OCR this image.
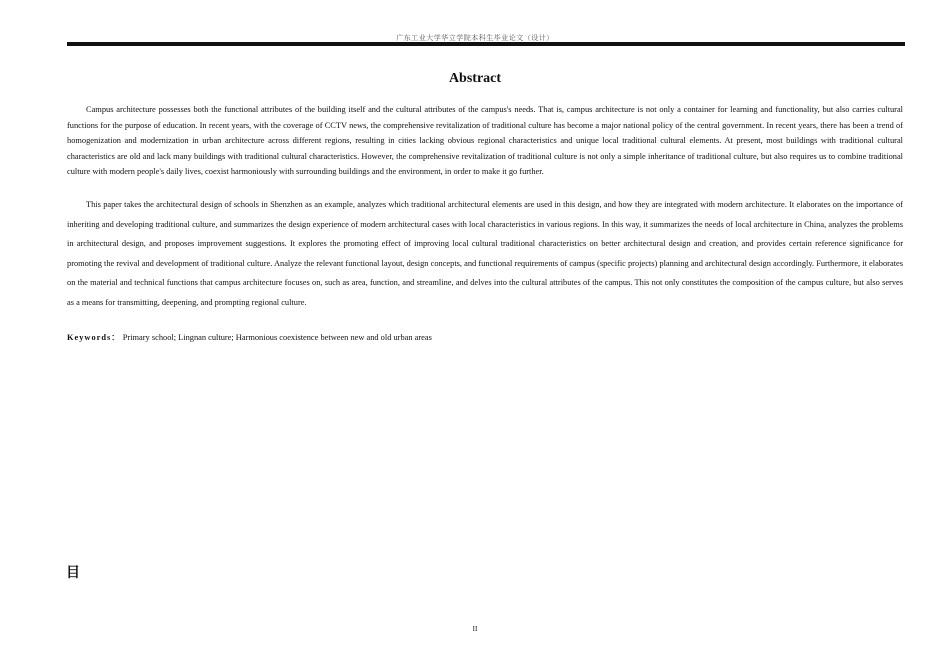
广东工业大学华立学院本科生毕业论文（设计）
Abstract

Campus architecture possesses both the functional attributes of the building itself and the cultural attributes of the campus's needs. That is, campus architecture is not only a container for learning and functionality, but also carries cultural functions for the purpose of education. In recent years, with the coverage of CCTV news, the comprehensive revitalization of traditional culture has become a major national policy of the central government. In recent years, there has been a trend of homogenization and modernization in urban architecture across different regions, resulting in cities lacking obvious regional characteristics and unique local traditional cultural elements. At present, most buildings with traditional cultural characteristics are old and lack many buildings with traditional cultural characteristics. However, the comprehensive revitalization of traditional culture is not only a simple inheritance of traditional culture, but also requires us to combine traditional culture with modern people's daily lives, coexist harmoniously with surrounding buildings and the environment, in order to make it go further.

This paper takes the architectural design of schools in Shenzhen as an example, analyzes which traditional architectural elements are used in this design, and how they are integrated with modern architecture. It elaborates on the importance of inheriting and developing traditional culture, and summarizes the design experience of modern architectural cases with local characteristics in various regions. In this way, it summarizes the needs of local architecture in China, analyzes the problems in architectural design, and proposes improvement suggestions. It explores the promoting effect of improving local cultural traditional characteristics on better architectural design and creation, and provides certain reference significance for promoting the revival and development of traditional culture. Analyze the relevant functional layout, design concepts, and functional requirements of campus (specific projects) planning and architectural design accordingly. Furthermore, it elaborates on the material and technical functions that campus architecture focuses on, such as area, function, and streamline, and delves into the cultural attributes of the campus. This not only constitutes the composition of the campus culture, but also serves as a means for transmitting, deepening, and prompting regional culture.

Keywords： Primary school; Lingnan culture; Harmonious coexistence between new and old urban areas
目
II
